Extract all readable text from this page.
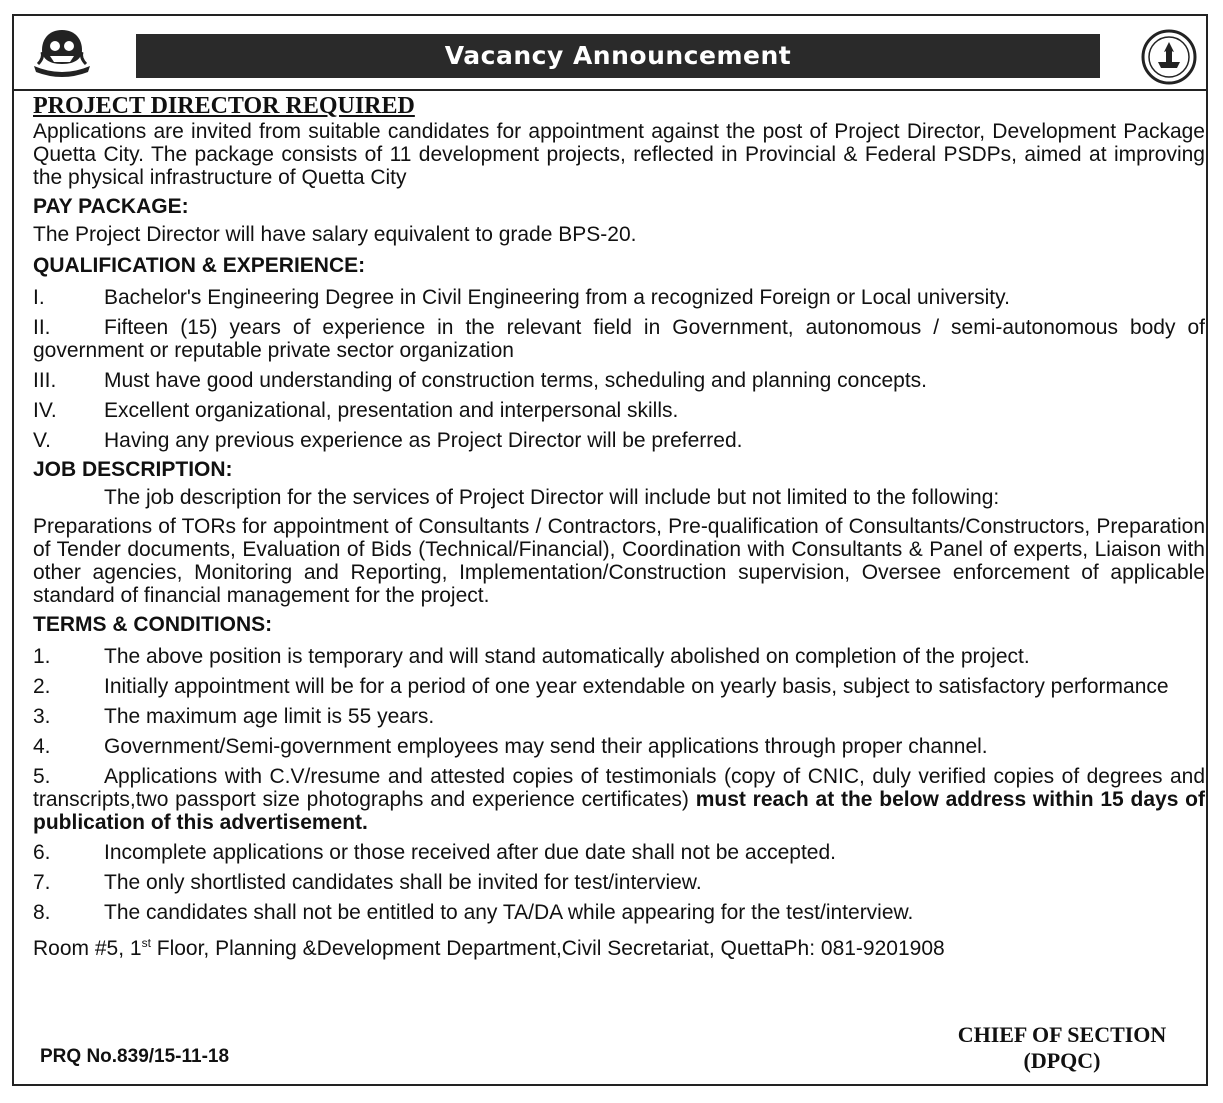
Vacancy Announcement
PROJECT DIRECTOR REQUIRED

Applications are invited from suitable candidates for appointment against the post of Project Director, Development Package Quetta City. The package consists of 11 development projects, reflected in Provincial & Federal PSDPs, aimed at improving the physical infrastructure of Quetta City

PAY PACKAGE:
The Project Director will have salary equivalent to grade BPS-20.
QUALIFICATION & EXPERIENCE:
I.	Bachelor's Engineering Degree in Civil Engineering from a recognized Foreign or Local university.
II.	Fifteen (15) years of experience in the relevant field in Government, autonomous / semi-autonomous body of government or reputable private sector organization
III. Must have good understanding of construction terms, scheduling and planning concepts.
IV. Excellent organizational, presentation and interpersonal skills.
V.	Having any previous experience as Project Director will be preferred.
JOB DESCRIPTION:
The job description for the services of Project Director will include but not limited to the following:

Preparations of TORs for appointment of Consultants / Contractors, Pre-qualification of Consultants/Constructors, Preparation of Tender documents, Evaluation of Bids (Technical/Financial), Coordination with Consultants & Panel of experts, Liaison with other agencies, Monitoring and Reporting, Implementation/Construction supervision, Oversee enforcement of applicable standard of financial management for the project.

TERMS & CONDITIONS:
1.	The above position is temporary and will stand automatically abolished on completion of the project.
2.	Initially appointment will be for a period of one year extendable on yearly basis, subject to satisfactory performance
3.	The maximum age limit is 55 years.
4.	Government/Semi-government employees may send their applications through proper channel.
5.	Applications with C.V/resume and attested copies of testimonials (copy of CNIC, duly verified copies of degrees and transcripts,two passport size photographs and experience certificates) must reach at the below address within 15 days of publication of this advertisement.
6.	Incomplete applications or those received after due date shall not be accepted.
7.	The only shortlisted candidates shall be invited for test/interview.
8.	The candidates shall not be entitled to any TA/DA while appearing for the test/interview.
Room #5, 1st Floor, Planning &Development Department,Civil Secretariat, QuettaPh: 081-9201908
CHIEF OF SECTION
(DPQC)
PRQ No.839/15-11-18
